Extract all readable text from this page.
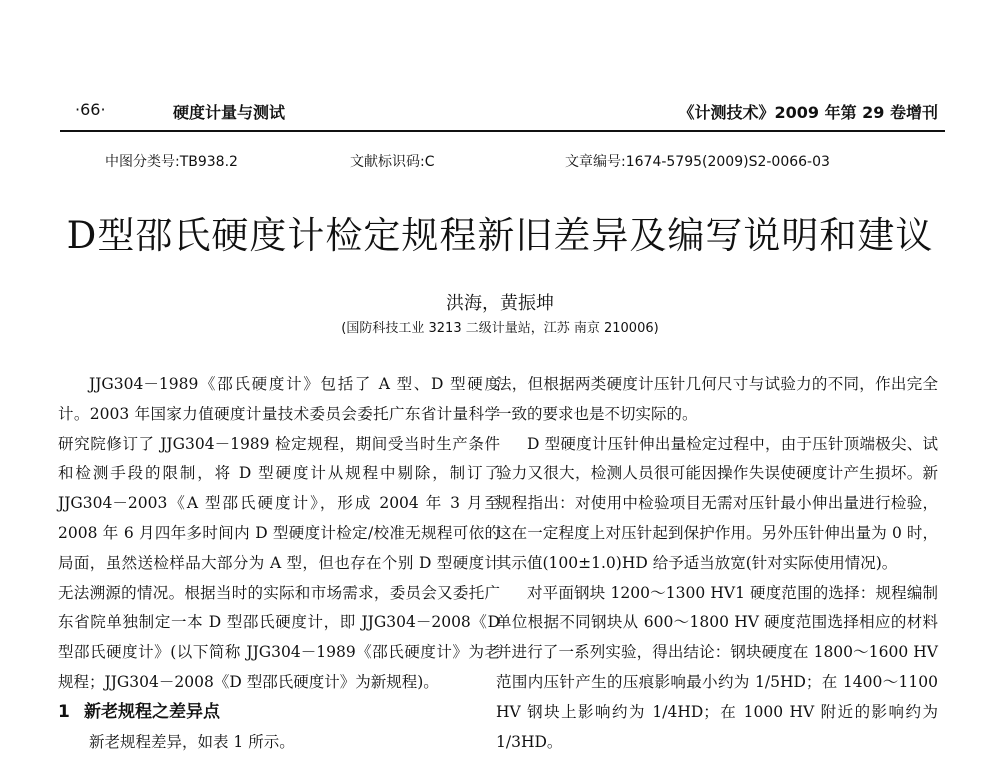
·66·	硬度计量与测试	《计测技术》2009 年第 29 卷增刊
中图分类号:TB938.2	文献标识码:C	文章编号:1674-5795(2009)S2-0066-03
D型邵氏硬度计检定规程新旧差异及编写说明和建议
洪海，黄振坤
(国防科技工业 3213 二级计量站，江苏 南京 210006)

JJG304－1989《邵氏硬度计》包括了 A 型、D 型硬度计。2003 年国家力值硬度计量技术委员会委托广东省计量科学研究院修订了 JJG304－1989 检定规程，期间受当时生产条件和检测手段的限制，将 D 型硬度计从规程中剔除，制订了 JJG304－2003《A 型邵氏硬度计》，形成 2004 年 3 月至 2008 年 6 月四年多时间内 D 型硬度计检定/校准无规程可依的局面，虽然送检样品大部分为 A 型，但也存在个别 D 型硬度计无法溯源的情况。根据当时的实际和市场需求，委员会又委托广东省院单独制定一本 D 型邵氏硬度计，即 JJG304－2008《D 型邵氏硬度计》(以下简称 JJG304－1989《邵氏硬度计》为老规程；JJG304－2008《D 型邵氏硬度计》为新规程)。

1 新老规程之差异点

新老规程差异，如表 1 所示。

法，但根据两类硬度计压针几何尺寸与试验力的不同，作出完全一致的要求也是不切实际的。

D 型硬度计压针伸出量检定过程中，由于压针顶端极尖、试验力又很大，检测人员很可能因操作失误使硬度计产生损坏。新规程指出：对使用中检验项目无需对压针最小伸出量进行检验，这在一定程度上对压针起到保护作用。另外压针伸出量为 0 时，其示值(100±1.0)HD 给予适当放宽(针对实际使用情况)。

对平面钢块 1200～1300 HV1 硬度范围的选择：规程编制单位根据不同钢块从 600～1800 HV 硬度范围选择相应的材料并进行了一系列实验，得出结论：钢块硬度在 1800～1600 HV 范围内压针产生的压痕影响最小约为 1/5HD；在 1400～1100 HV 钢块上影响约为 1/4HD；在 1000 HV 附近的影响约为 1/3HD。
